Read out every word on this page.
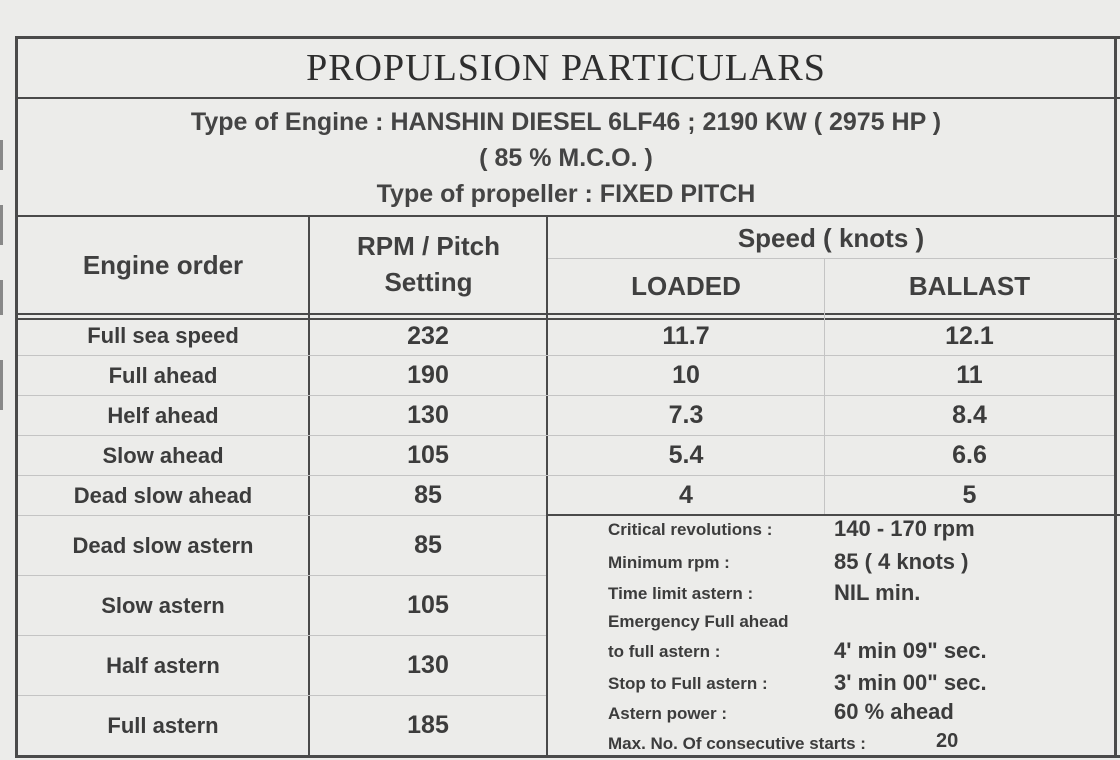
PROPULSION PARTICULARS
Type of Engine : HANSHIN DIESEL 6LF46 ; 2190 KW ( 2975 HP )
( 85 % M.C.O. )
Type of propeller : FIXED PITCH
Engine order
RPM / Pitch
Setting
Speed ( knots )
LOADED	BALLAST
Full sea speed	232	11.7	12.1
Full ahead	190	10	11
Helf ahead	130	7.3	8.4
Slow ahead	105	5.4	6.6
Dead slow ahead	85	4	5
Dead slow astern	85
Slow astern	105
Half astern	130
Full astern	185
Critical revolutions :	140 - 170 rpm
Minimum rpm :	85 ( 4 knots )
Time limit astern :	NIL min.
Emergency Full ahead
to full astern :	4' min 09" sec.
Stop to Full astern :	3' min 00" sec.
Astern power :	60 % ahead
Max. No. Of consecutive starts :	20
